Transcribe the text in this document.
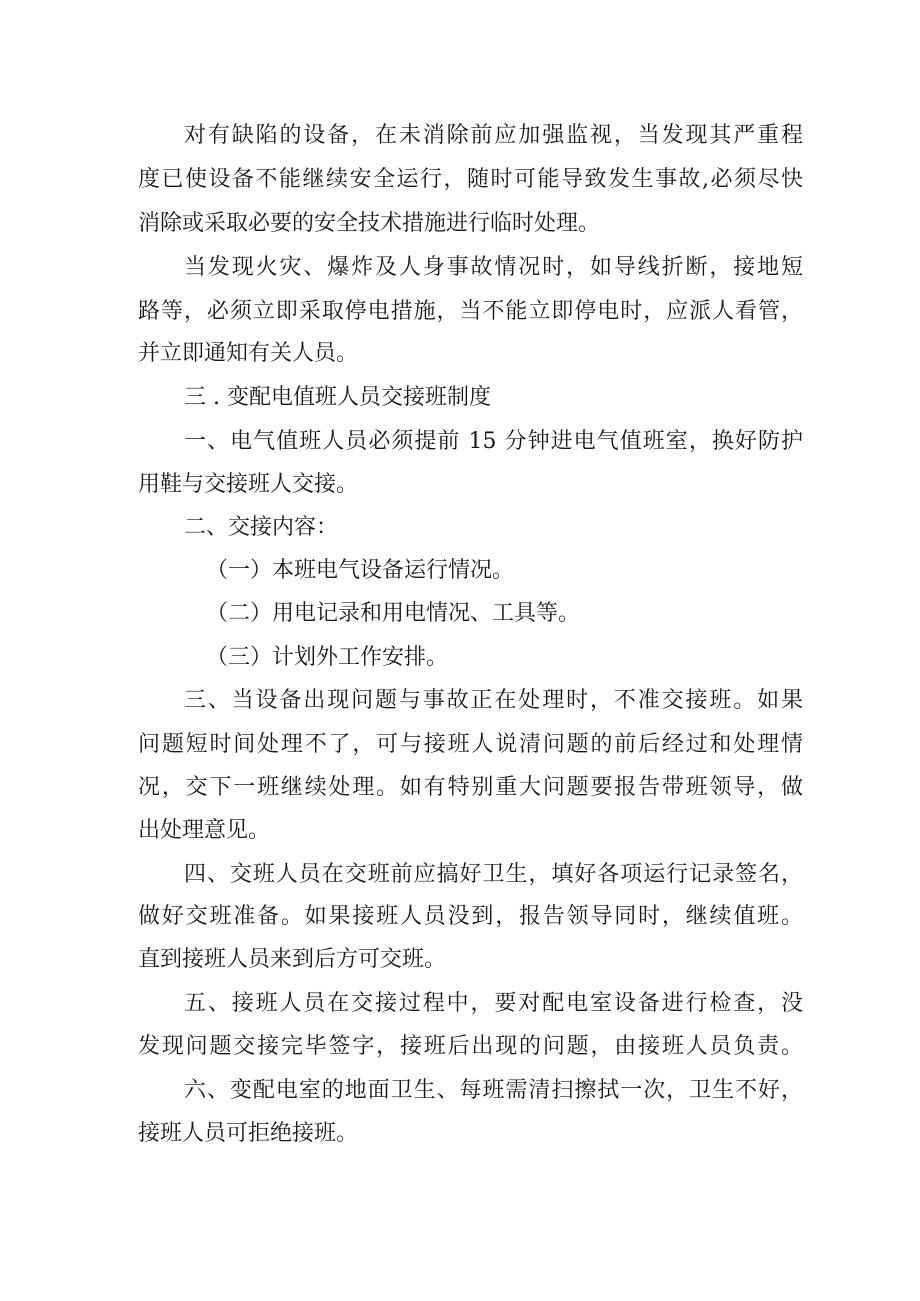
对有缺陷的设备，在未消除前应加强监视，当发现其严重程
度已使设备不能继续安全运行，随时可能导致发生事故,必须尽快
消除或采取必要的安全技术措施进行临时处理。
当发现火灾、爆炸及人身事故情况时，如导线折断，接地短
路等，必须立即采取停电措施，当不能立即停电时，应派人看管，
并立即通知有关人员。
三 . 变配电值班人员交接班制度
一、电气值班人员必须提前 15 分钟进电气值班室，换好防护
用鞋与交接班人交接。
二、交接内容：
（一）本班电气设备运行情况。
（二）用电记录和用电情况、工具等。
（三）计划外工作安排。
三、当设备出现问题与事故正在处理时，不准交接班。如果
问题短时间处理不了，可与接班人说清问题的前后经过和处理情
况，交下一班继续处理。如有特别重大问题要报告带班领导，做
出处理意见。
四、交班人员在交班前应搞好卫生，填好各项运行记录签名，
做好交班准备。如果接班人员没到，报告领导同时，继续值班。
直到接班人员来到后方可交班。
五、接班人员在交接过程中，要对配电室设备进行检查，没
发现问题交接完毕签字，接班后出现的问题，由接班人员负责。
六、变配电室的地面卫生、每班需清扫擦拭一次，卫生不好，
接班人员可拒绝接班。
